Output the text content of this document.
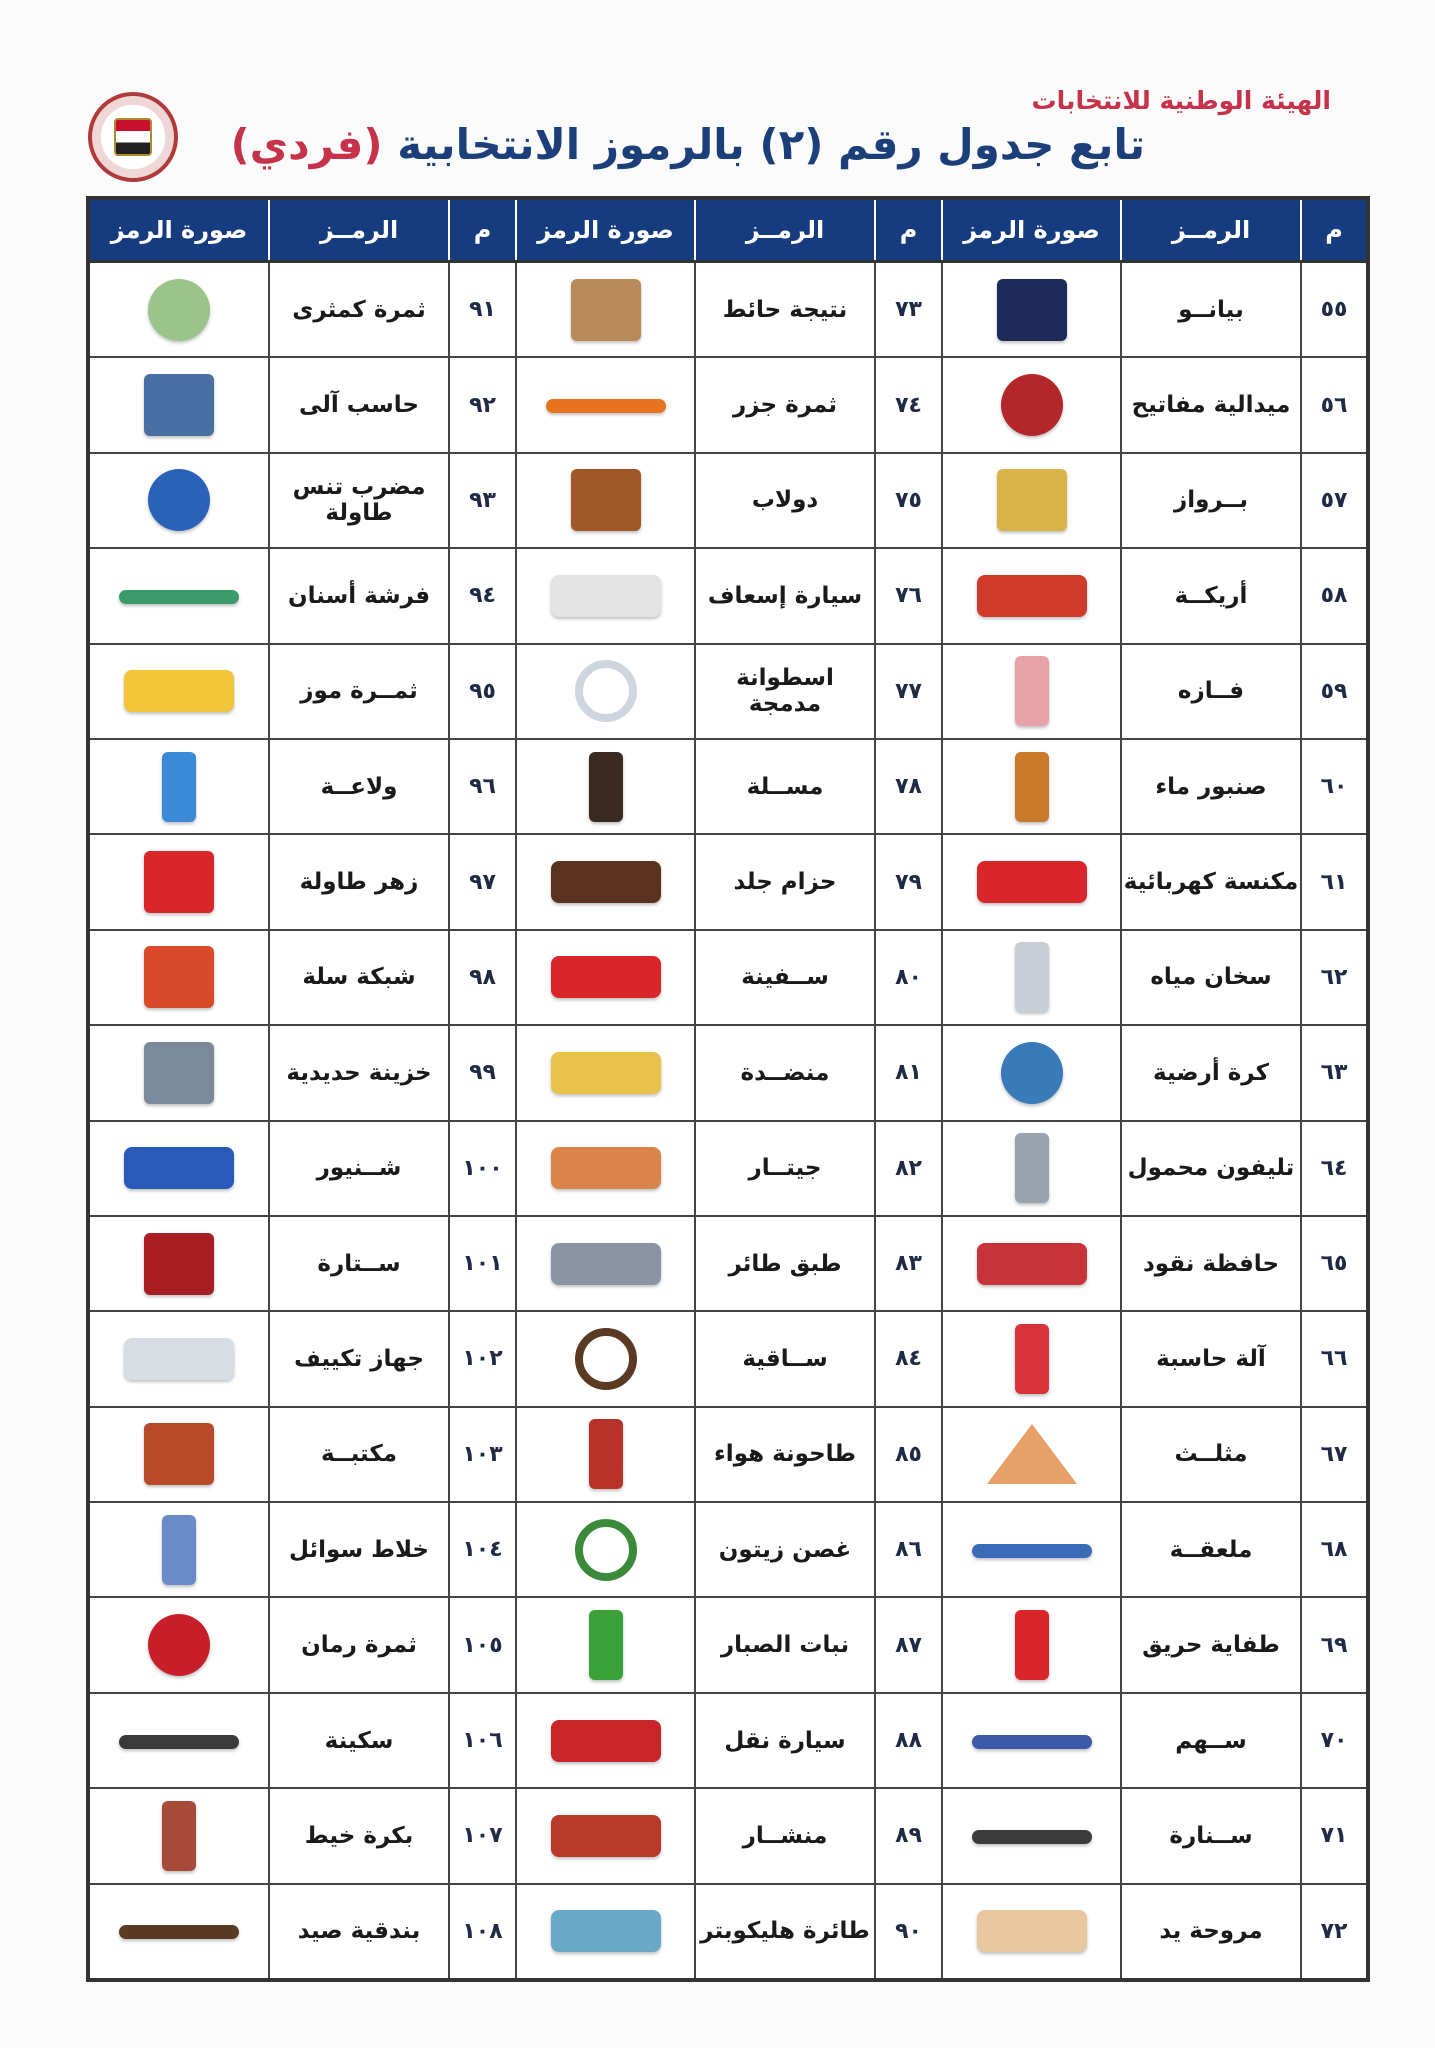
الهيئة الوطنية للانتخابات
تابع جدول رقم (٢) بالرموز الانتخابية (فردي)
م	الرمــز	صورة الرمز	م	الرمــز	صورة الرمز	م	الرمــز	صورة الرمز
٥٥	بيانــو		٧٣	نتيجة حائط		٩١	ثمرة كمثرى	
٥٦	ميدالية مفاتيح		٧٤	ثمرة جزر		٩٢	حاسب آلى	
٥٧	بــرواز		٧٥	دولاب		٩٣	مضرب تنس طاولة	
٥٨	أريكــة		٧٦	سيارة إسعاف		٩٤	فرشة أسنان	
٥٩	فــازه		٧٧	اسطوانة مدمجة		٩٥	ثمــرة موز	
٦٠	صنبور ماء		٧٨	مســلة		٩٦	ولاعــة	
٦١	مكنسة كهربائية		٧٩	حزام جلد		٩٧	زهر طاولة	
٦٢	سخان مياه		٨٠	ســفينة		٩٨	شبكة سلة	
٦٣	كرة أرضية		٨١	منضــدة		٩٩	خزينة حديدية	
٦٤	تليفون محمول		٨٢	جيتــار		١٠٠	شــنيور	
٦٥	حافظة نقود		٨٣	طبق طائر		١٠١	ســتارة	
٦٦	آلة حاسبة		٨٤	ســاقية		١٠٢	جهاز تكييف	
٦٧	مثلــث		٨٥	طاحونة هواء		١٠٣	مكتبــة	
٦٨	ملعقــة		٨٦	غصن زيتون		١٠٤	خلاط سوائل	
٦٩	طفاية حريق		٨٧	نبات الصبار		١٠٥	ثمرة رمان	
٧٠	ســهم		٨٨	سيارة نقل		١٠٦	سكينة	
٧١	ســنارة		٨٩	منشــار		١٠٧	بكرة خيط	
٧٢	مروحة يد		٩٠	طائرة هليكوبتر		١٠٨	بندقية صيد	
